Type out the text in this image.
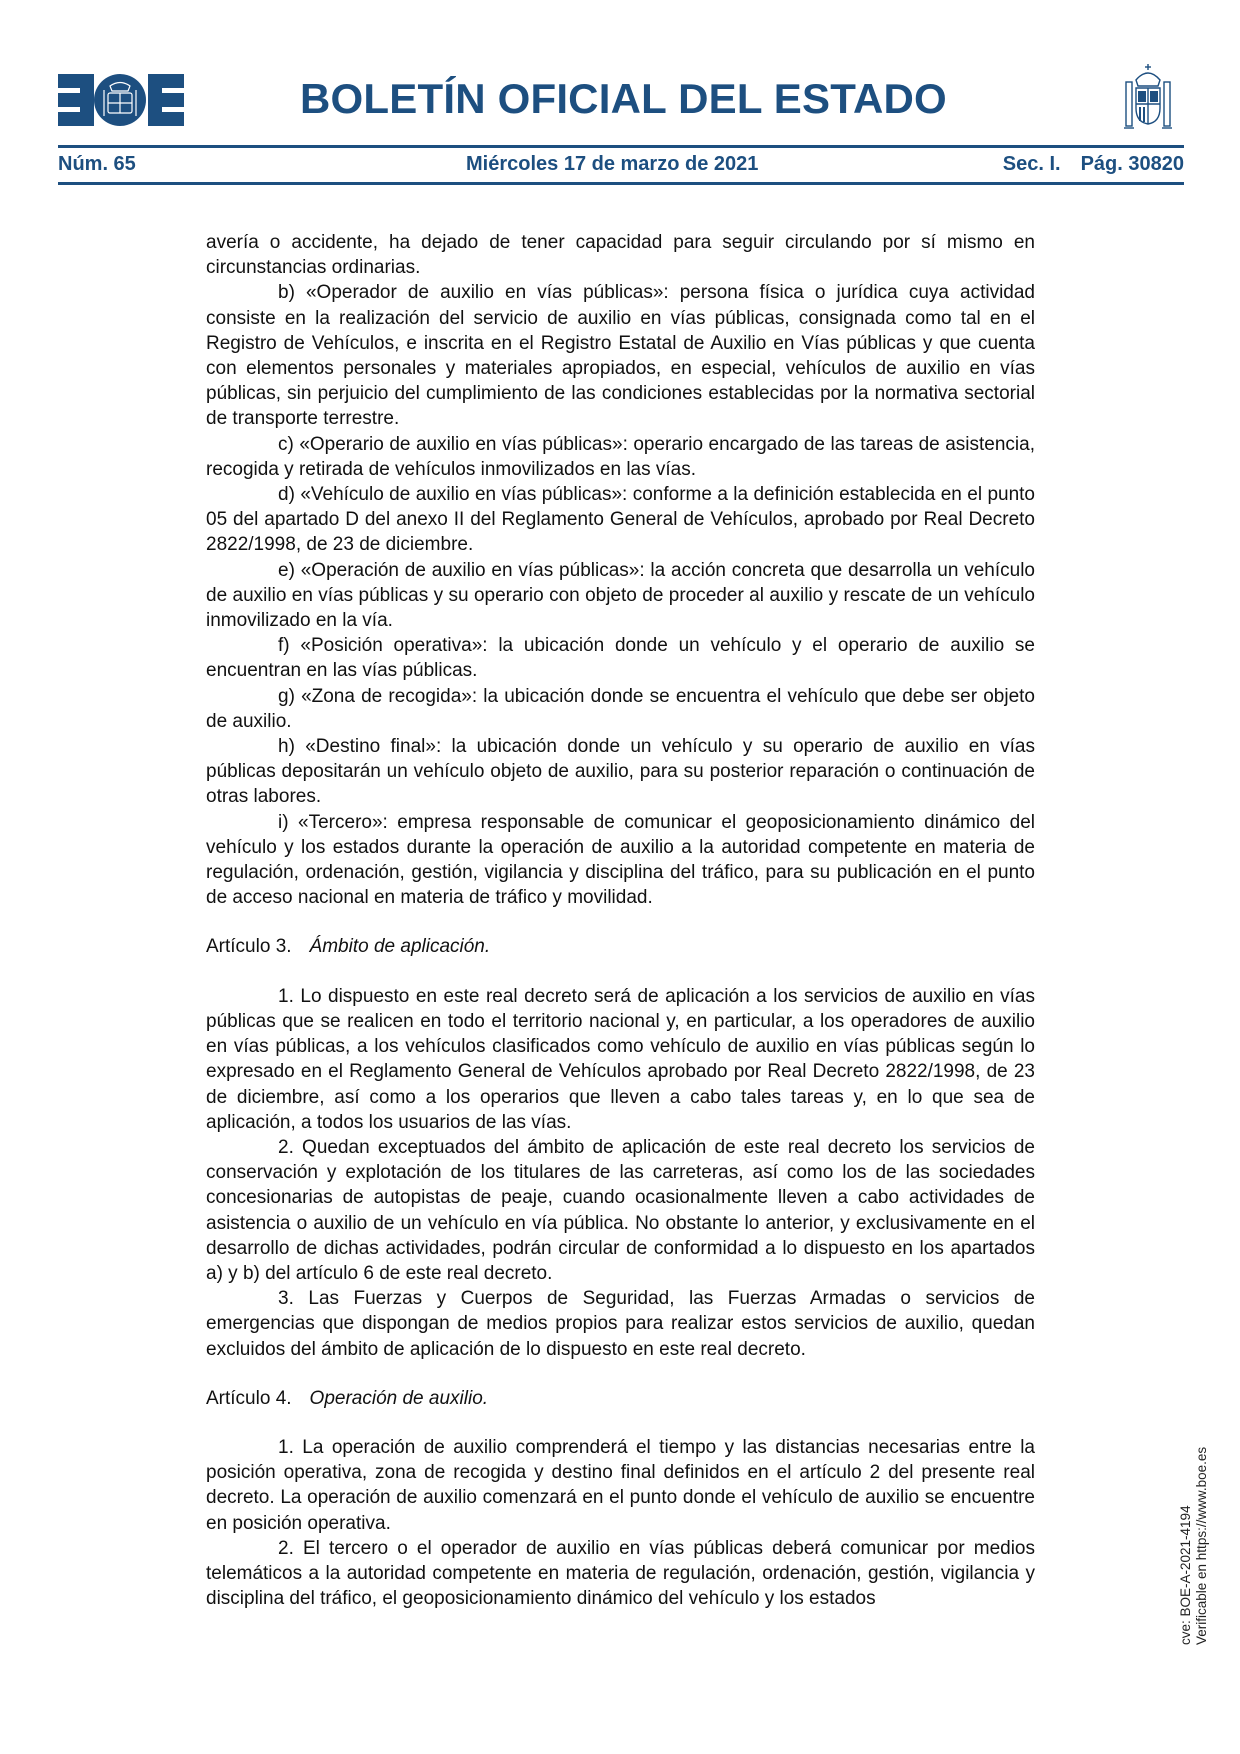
BOLETÍN OFICIAL DEL ESTADO
Núm. 65	Miércoles 17 de marzo de 2021	Sec. I. Pág. 30820

avería o accidente, ha dejado de tener capacidad para seguir circulando por sí mismo en circunstancias ordinarias.

b) «Operador de auxilio en vías públicas»: persona física o jurídica cuya actividad consiste en la realización del servicio de auxilio en vías públicas, consignada como tal en el Registro de Vehículos, e inscrita en el Registro Estatal de Auxilio en Vías públicas y que cuenta con elementos personales y materiales apropiados, en especial, vehículos de auxilio en vías públicas, sin perjuicio del cumplimiento de las condiciones establecidas por la normativa sectorial de transporte terrestre.

c) «Operario de auxilio en vías públicas»: operario encargado de las tareas de asistencia, recogida y retirada de vehículos inmovilizados en las vías.

d) «Vehículo de auxilio en vías públicas»: conforme a la definición establecida en el punto 05 del apartado D del anexo II del Reglamento General de Vehículos, aprobado por Real Decreto 2822/1998, de 23 de diciembre.

e) «Operación de auxilio en vías públicas»: la acción concreta que desarrolla un vehículo de auxilio en vías públicas y su operario con objeto de proceder al auxilio y rescate de un vehículo inmovilizado en la vía.

f) «Posición operativa»: la ubicación donde un vehículo y el operario de auxilio se encuentran en las vías públicas.

g) «Zona de recogida»: la ubicación donde se encuentra el vehículo que debe ser objeto de auxilio.

h) «Destino final»: la ubicación donde un vehículo y su operario de auxilio en vías públicas depositarán un vehículo objeto de auxilio, para su posterior reparación o continuación de otras labores.

i) «Tercero»: empresa responsable de comunicar el geoposicionamiento dinámico del vehículo y los estados durante la operación de auxilio a la autoridad competente en materia de regulación, ordenación, gestión, vigilancia y disciplina del tráfico, para su publicación en el punto de acceso nacional en materia de tráfico y movilidad.

Artículo 3. Ámbito de aplicación.

1. Lo dispuesto en este real decreto será de aplicación a los servicios de auxilio en vías públicas que se realicen en todo el territorio nacional y, en particular, a los operadores de auxilio en vías públicas, a los vehículos clasificados como vehículo de auxilio en vías públicas según lo expresado en el Reglamento General de Vehículos aprobado por Real Decreto 2822/1998, de 23 de diciembre, así como a los operarios que lleven a cabo tales tareas y, en lo que sea de aplicación, a todos los usuarios de las vías.

2. Quedan exceptuados del ámbito de aplicación de este real decreto los servicios de conservación y explotación de los titulares de las carreteras, así como los de las sociedades concesionarias de autopistas de peaje, cuando ocasionalmente lleven a cabo actividades de asistencia o auxilio de un vehículo en vía pública. No obstante lo anterior, y exclusivamente en el desarrollo de dichas actividades, podrán circular de conformidad a lo dispuesto en los apartados a) y b) del artículo 6 de este real decreto.

3. Las Fuerzas y Cuerpos de Seguridad, las Fuerzas Armadas o servicios de emergencias que dispongan de medios propios para realizar estos servicios de auxilio, quedan excluidos del ámbito de aplicación de lo dispuesto en este real decreto.

Artículo 4. Operación de auxilio.

1. La operación de auxilio comprenderá el tiempo y las distancias necesarias entre la posición operativa, zona de recogida y destino final definidos en el artículo 2 del presente real decreto. La operación de auxilio comenzará en el punto donde el vehículo de auxilio se encuentre en posición operativa.

2. El tercero o el operador de auxilio en vías públicas deberá comunicar por medios telemáticos a la autoridad competente en materia de regulación, ordenación, gestión, vigilancia y disciplina del tráfico, el geoposicionamiento dinámico del vehículo y los estados	cve: BOE-A-2021-4194 Verificable en https://www.boe.es
